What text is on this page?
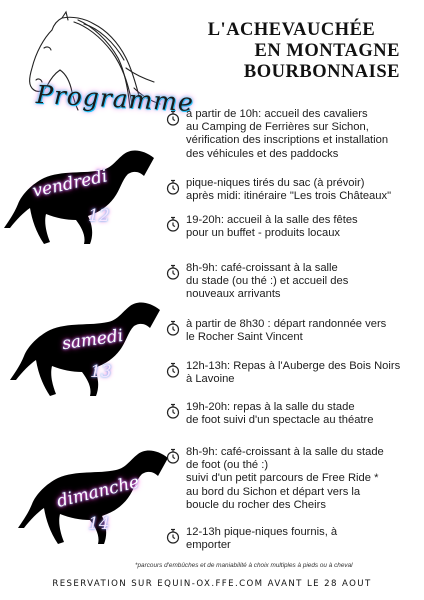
L'ACHEVAUCHÉE
EN MONTAGNE
BOURBONNAISE
Programme
vendredi
12
samedi
13
dimanche
14
à partir de 10h: accueil des cavaliers
au Camping de Ferrières sur Sichon,
vérification des inscriptions et installation
des véhicules et des paddocks
pique-niques tirés du sac (à prévoir)
après midi: itinéraire "Les trois Châteaux"
19-20h: accueil à la salle des fêtes
pour un buffet - produits locaux
8h-9h: café-croissant à la salle
du stade (ou thé :) et accueil des
nouveaux arrivants
à partir de 8h30 : départ randonnée vers
le Rocher Saint Vincent
12h-13h: Repas à l'Auberge des Bois Noirs
à Lavoine
19h-20h: repas à la salle du stade
de foot suivi d'un spectacle au théatre
8h-9h: café-croissant à la salle du stade
de foot (ou thé :)
suivi d'un petit parcours de Free Ride *
au bord du Sichon et départ vers la
boucle du rocher des Cheirs
12-13h pique-niques fournis, à
emporter
*parcours d'embûches et de maniabilité à choix multiples à pieds ou à cheval
RESERVATION SUR EQUIN-OX.FFE.COM AVANT LE 28 AOUT
